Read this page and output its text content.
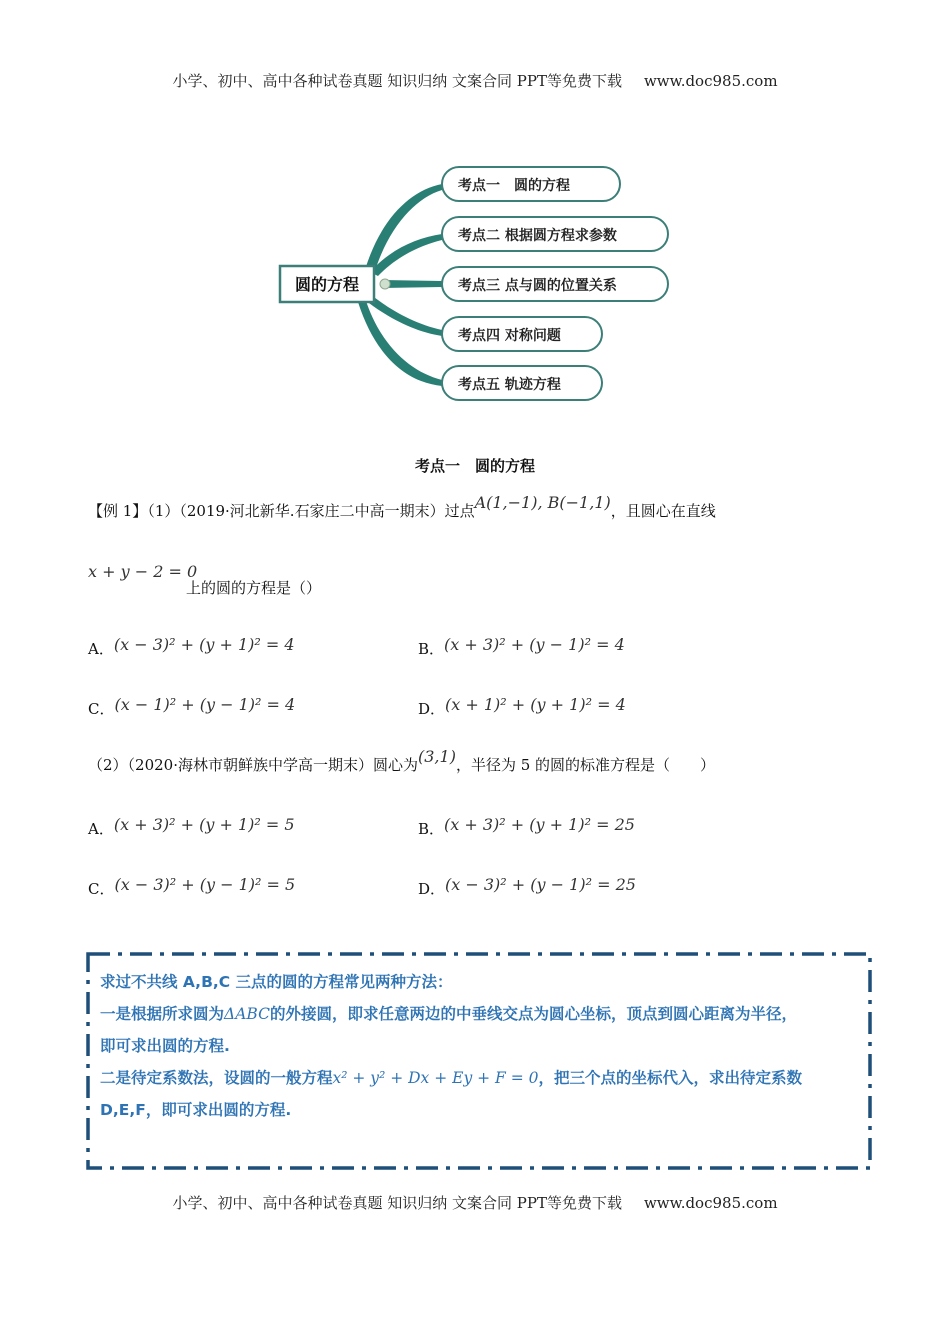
小学、初中、高中各种试卷真题 知识归纳 文案合同 PPT等免费下载 www.doc985.com
圆的方程
考点一　圆的方程
考点二 根据圆方程求参数
考点三 点与圆的位置关系
考点四 对称问题
考点五 轨迹方程
考点一　圆的方程
【例 1】（1）（2019·河北新华.石家庄二中高一期末）过点A(1,−1), B(−1,1)，且圆心在直线
x + y − 2 = 0
上的圆的方程是（）
A．(x − 3)² + (y + 1)² = 4	B．(x + 3)² + (y − 1)² = 4
C．(x − 1)² + (y − 1)² = 4	D．(x + 1)² + (y + 1)² = 4
（2）（2020·海林市朝鲜族中学高一期末）圆心为(3,1)，半径为 5 的圆的标准方程是（　　）
A．(x + 3)² + (y + 1)² = 5	B．(x + 3)² + (y + 1)² = 25
C．(x − 3)² + (y − 1)² = 5	D．(x − 3)² + (y − 1)² = 25
求过不共线 A,B,C 三点的圆的方程常见两种方法：
一是根据所求圆为ΔABC的外接圆，即求任意两边的中垂线交点为圆心坐标，顶点到圆心距离为半径，
即可求出圆的方程.
二是待定系数法，设圆的一般方程x² + y² + Dx + Ey + F = 0，把三个点的坐标代入，求出待定系数
D,E,F，即可求出圆的方程.
小学、初中、高中各种试卷真题 知识归纳 文案合同 PPT等免费下载 www.doc985.com
